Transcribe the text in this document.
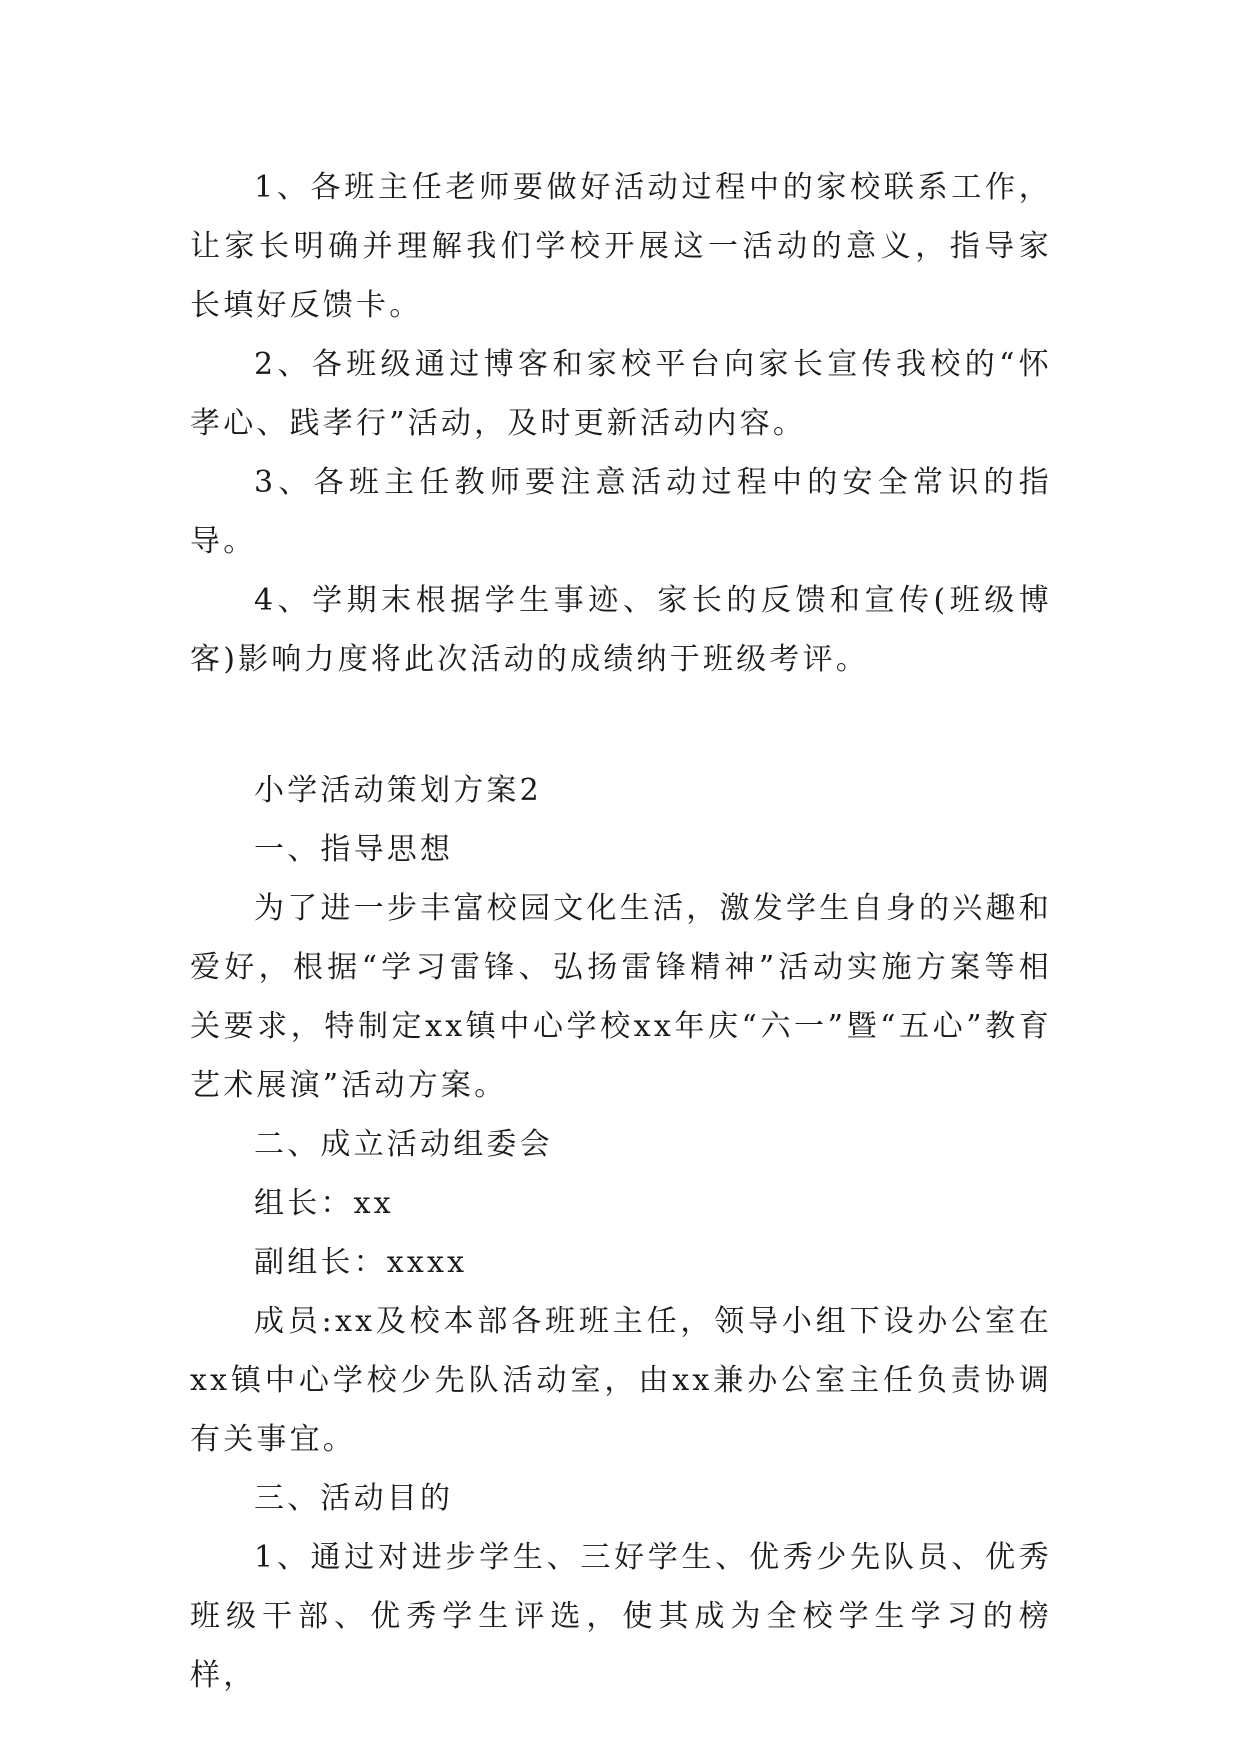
1、各班主任老师要做好活动过程中的家校联系工作，让家长明确并理解我们学校开展这一活动的意义，指导家长填好反馈卡。

2、各班级通过博客和家校平台向家长宣传我校的“怀孝心、践孝行”活动，及时更新活动内容。

3、各班主任教师要注意活动过程中的安全常识的指导。

4、学期末根据学生事迹、家长的反馈和宣传(班级博客)影响力度将此次活动的成绩纳于班级考评。

小学活动策划方案2

一、指导思想

为了进一步丰富校园文化生活，激发学生自身的兴趣和爱好，根据“学习雷锋、弘扬雷锋精神”活动实施方案等相关要求，特制定xx镇中心学校xx年庆“六一”暨“五心”教育艺术展演”活动方案。

二、成立活动组委会

组长：xx

副组长：xxxx

成员:xx及校本部各班班主任，领导小组下设办公室在xx镇中心学校少先队活动室，由xx兼办公室主任负责协调有关事宜。

三、活动目的

1、通过对进步学生、三好学生、优秀少先队员、优秀班级干部、优秀学生评选，使其成为全校学生学习的榜样，
